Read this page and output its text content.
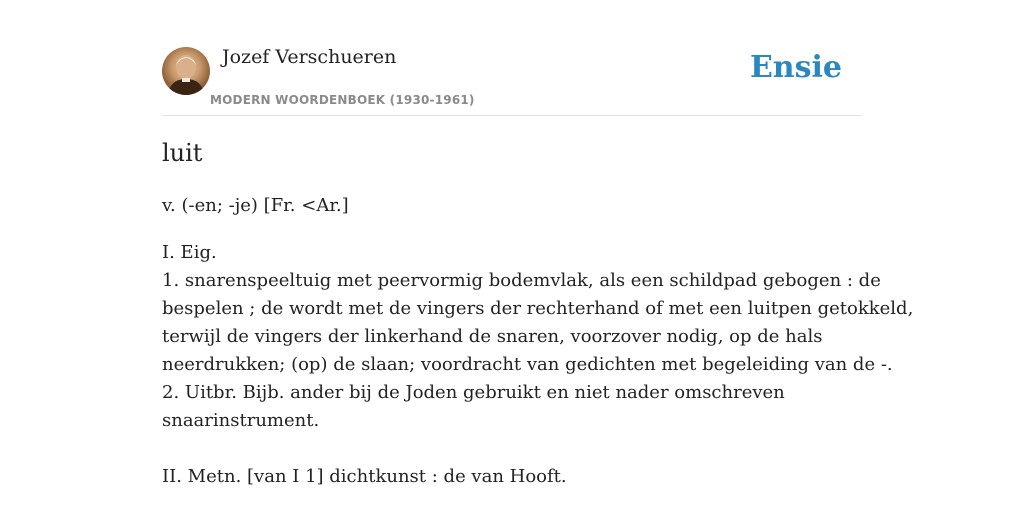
Jozef Verschueren
MODERN WOORDENBOEK (1930-1961)
Ensie
luit
v. (-en; -je) [Fr. <Ar.]

I. Eig.

1. snarenspeeltuig met peervormig bodemvlak, als een schildpad gebogen : de

bespelen ; de wordt met de vingers der rechterhand of met een luitpen getokkeld,

terwijl de vingers der linkerhand de snaren, voorzover nodig, op de hals

neerdrukken; (op) de slaan; voordracht van gedichten met begeleiding van de -.

2. Uitbr. Bijb. ander bij de Joden gebruikt en niet nader omschreven

snaarinstrument.

II. Metn. [van I 1] dichtkunst : de van Hooft.
